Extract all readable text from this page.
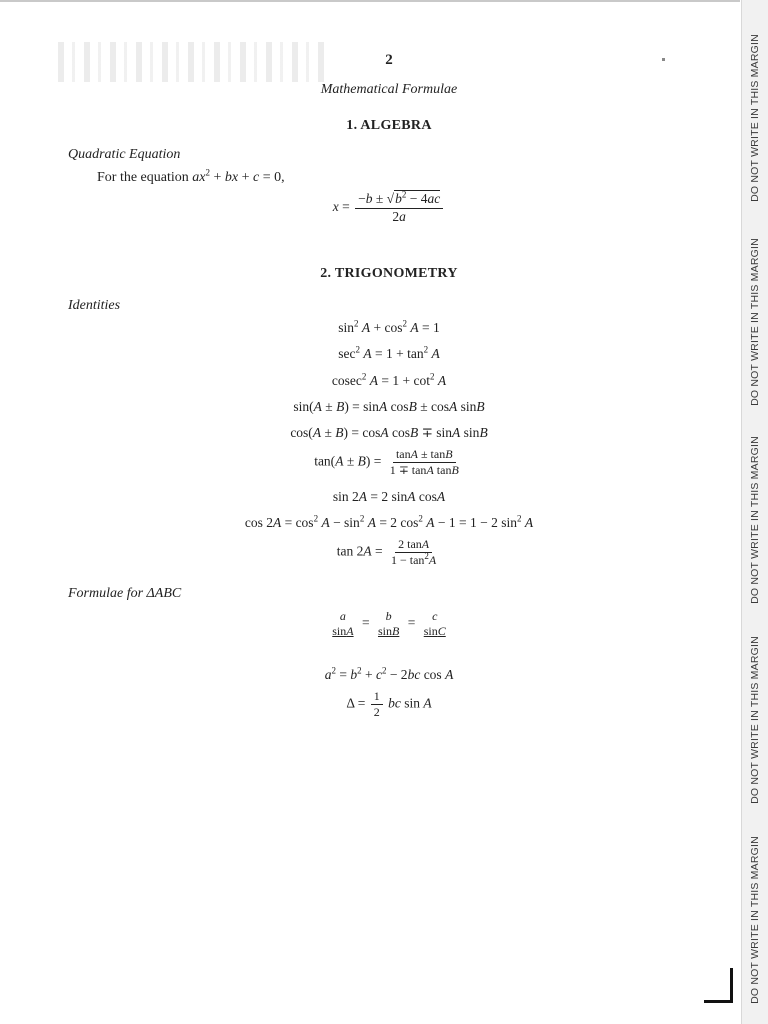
2
Mathematical Formulae
1. ALGEBRA
Quadratic Equation
For the equation $ax^2$ + bx + c = 0,
$x = \frac{-b \pm √b^2 - 4ac}{2a}$
2. TRIGONOMETRY
Identities
$\sin^2 A + \cos^2 A = 1$
$\sec^2 A = 1 + \tan^2 A$
cosec$^2$ $A = 1 + \cot^2 A$
sin(A ± B) = sinA cosB ± cosA sinB
cos(A ± B) = cosA cosB ∓ sinA sinB
$\tan(A \pm B) = \frac{\tan A \pm \tan B}{\text{1 ∓ tanA tanB}}$
sin 2A = 2 sinA cosA
$\cos 2A = \cos^2 A - \sin^2 A = 2$ $\cos^2 A - 1 = 1 - 2$ $\sin^2 A$
$\tan 2A = \frac{2 \tan A}{1 - \tan^2A}$
Formulae for ΔABC
a
sinA
= b
sinB
= c
sinC
$a^2 = b^2 + c^2 - 2bc$ cos A
$\Delta = \frac{1}{2}$ bc sin A
DO NOT WRITE IN THIS MARGIN
DO NOT WRITE IN THIS MARGIN
DO NOT WRITE IN THIS MARGIN
DO NOT WRITE IN THIS MARGIN
DO NOT WRITE IN THIS MARGIN
